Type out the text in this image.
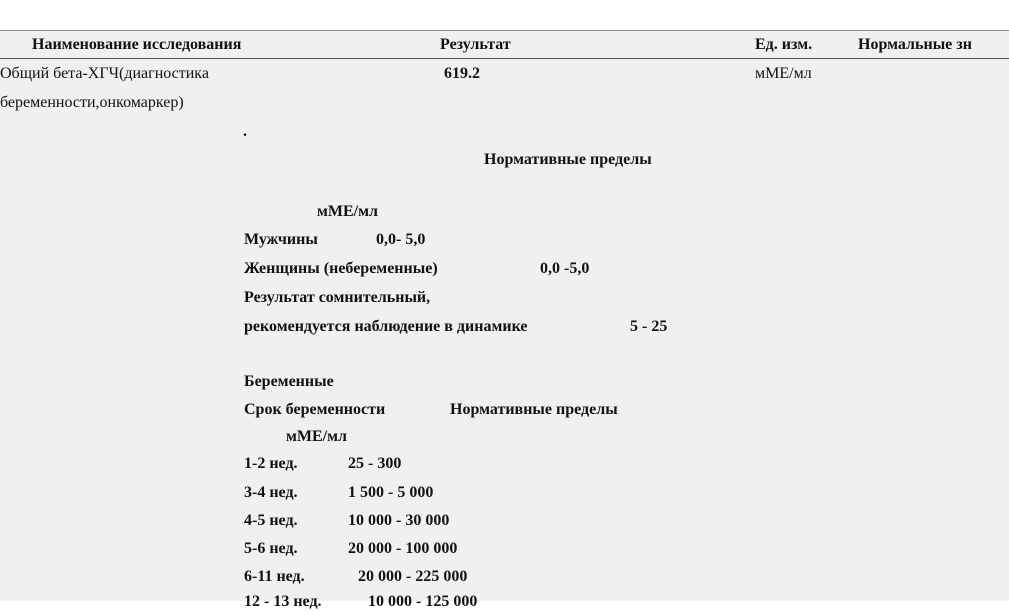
Наименование исследования	Результат	Ед. изм.	Нормальные зн
Общий бета-ХГЧ(диагностика
беременности,онкомаркер)
619.2	мМЕ/мл
.
Нормативные пределы
мМЕ/мл
Мужчины	0,0- 5,0
Женщины (небеременные)	0,0 -5,0
Результат сомнительный,
рекомендуется наблюдение в динамике	5 - 25
Беременные
Срок беременности	Нормативные пределы
мМЕ/мл
1-2 нед.	25 - 300
3-4 нед.	1 500 - 5 000
4-5 нед.	10 000 - 30 000
5-6 нед.	20 000 - 100 000
6-11 нед.	20 000 - 225 000
12 - 13 нед.	10 000 - 125 000
